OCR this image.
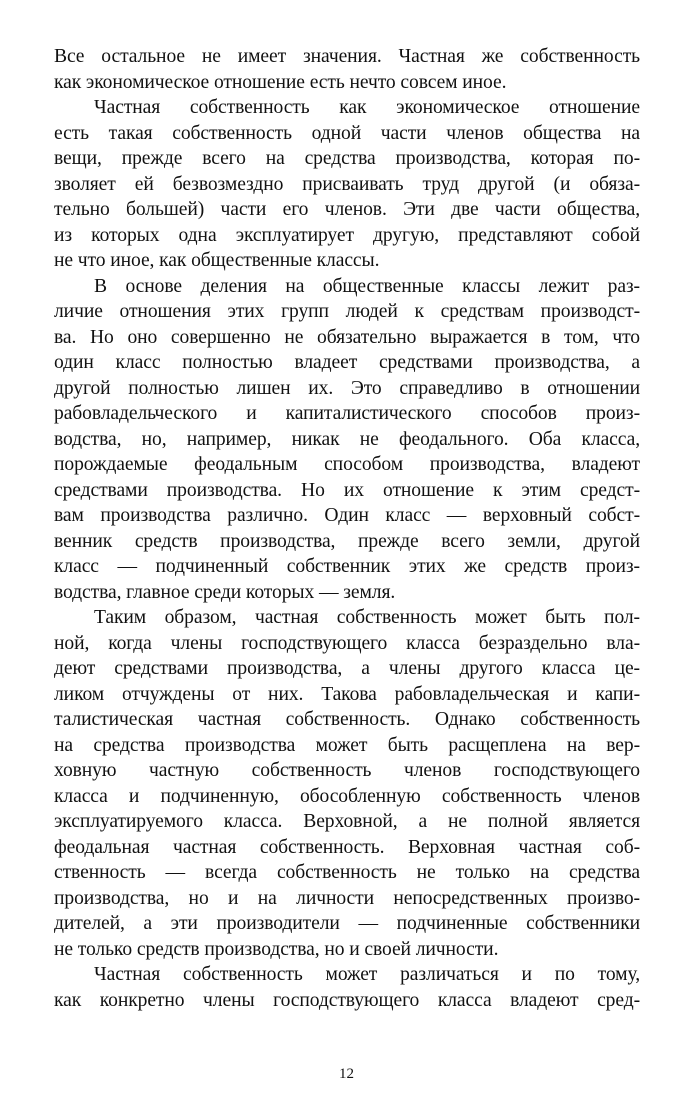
Все остальное не имеет значения. Частная же собственность
как экономическое отношение есть нечто совсем иное.
Частная собственность как экономическое отношение
есть такая собственность одной части членов общества на
вещи, прежде всего на средства производства, которая по-
зволяет ей безвозмездно присваивать труд другой (и обяза-
тельно большей) части его членов. Эти две части общества,
из которых одна эксплуатирует другую, представляют собой
не что иное, как общественные классы.
В основе деления на общественные классы лежит раз-
личие отношения этих групп людей к средствам производст-
ва. Но оно совершенно не обязательно выражается в том, что
один класс полностью владеет средствами производства, а
другой полностью лишен их. Это справедливо в отношении
рабовладельческого и капиталистического способов произ-
водства, но, например, никак не феодального. Оба класса,
порождаемые феодальным способом производства, владеют
средствами производства. Но их отношение к этим средст-
вам производства различно. Один класс — верховный собст-
венник средств производства, прежде всего земли, другой
класс — подчиненный собственник этих же средств произ-
водства, главное среди которых — земля.
Таким образом, частная собственность может быть пол-
ной, когда члены господствующего класса безраздельно вла-
деют средствами производства, а члены другого класса це-
ликом отчуждены от них. Такова рабовладельческая и капи-
талистическая частная собственность. Однако собственность
на средства производства может быть расщеплена на вер-
ховную частную собственность членов господствующего
класса и подчиненную, обособленную собственность членов
эксплуатируемого класса. Верховной, а не полной является
феодальная частная собственность. Верховная частная соб-
ственность — всегда собственность не только на средства
производства, но и на личности непосредственных произво-
дителей, а эти производители — подчиненные собственники
не только средств производства, но и своей личности.
Частная собственность может различаться и по тому,
как конкретно члены господствующего класса владеют сред-
12
